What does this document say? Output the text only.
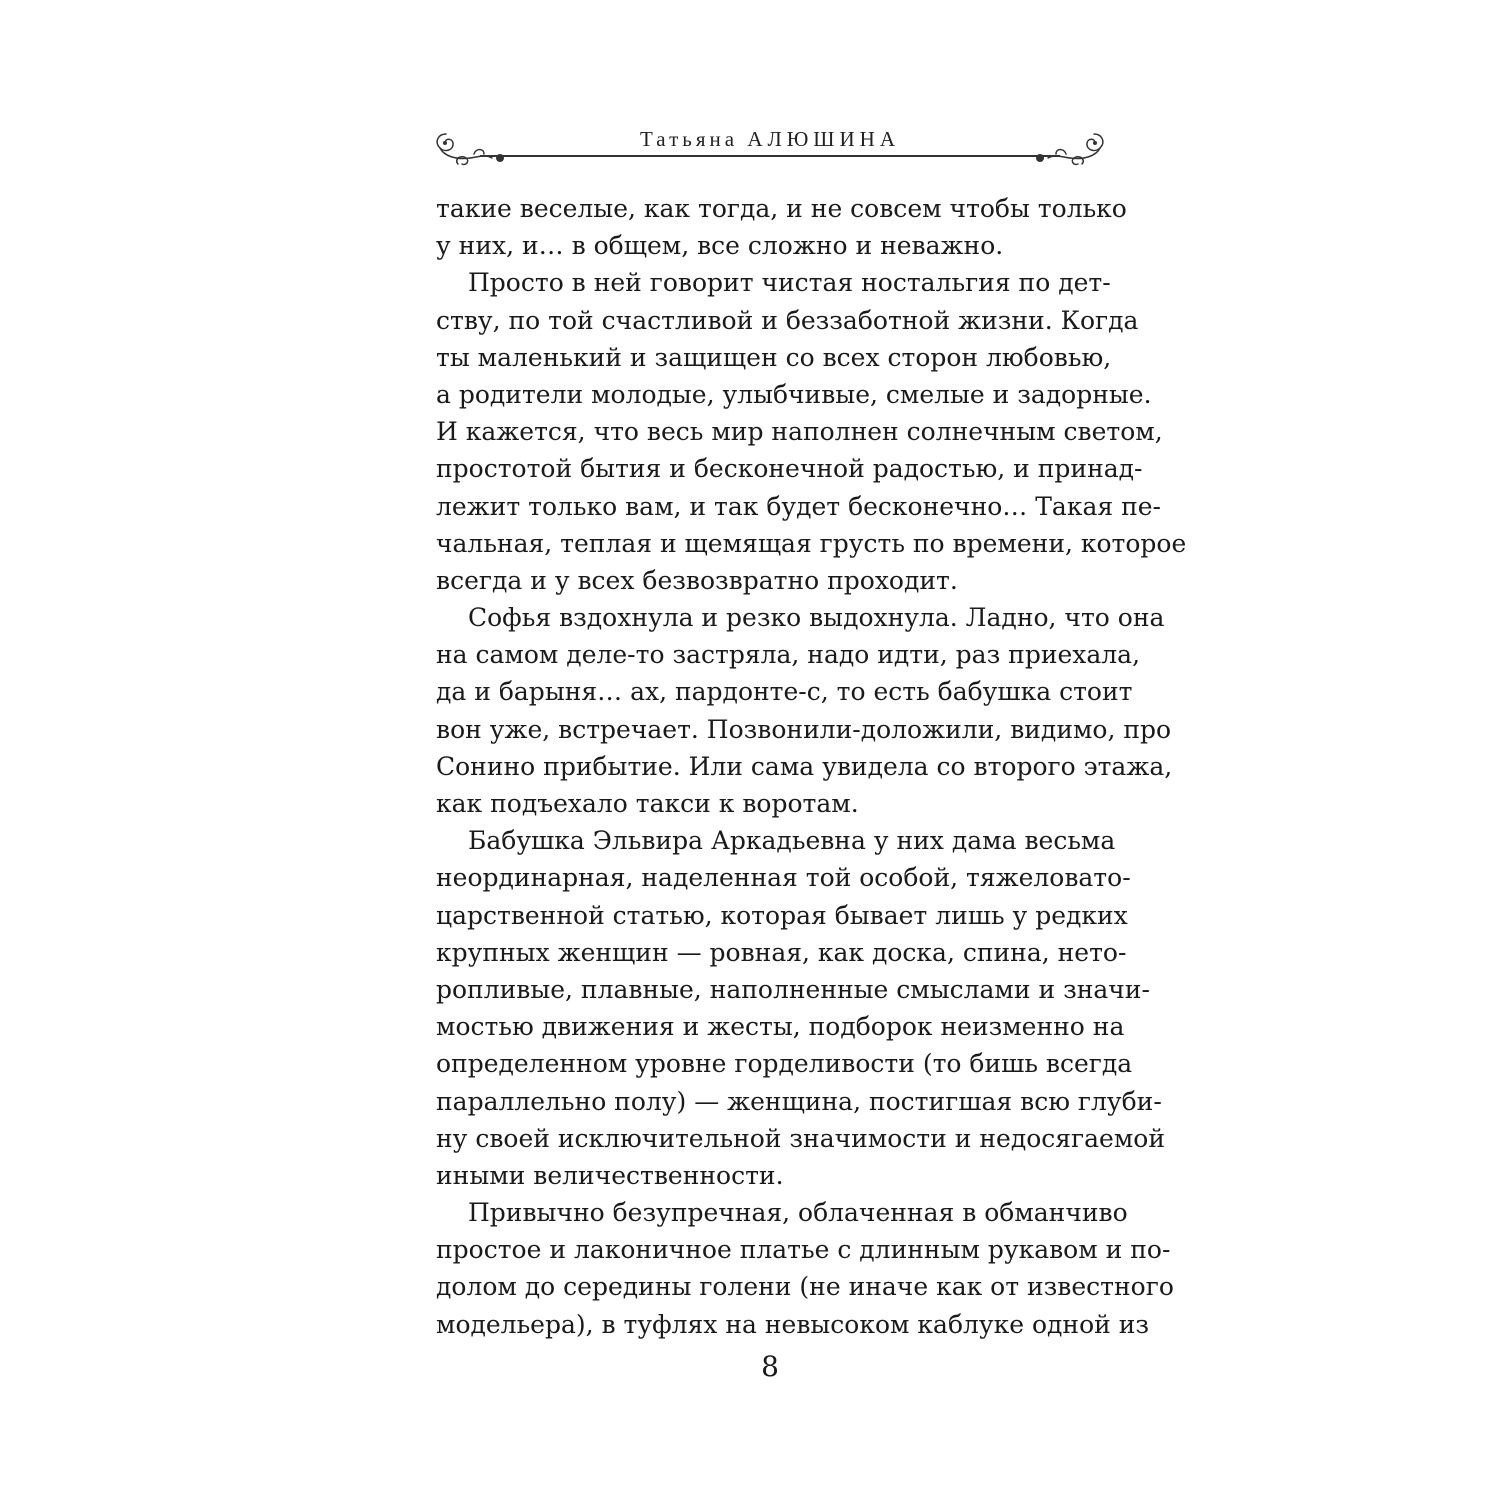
Татьяна АЛЮШИНА

такие веселые, как тогда, и не совсем чтобы только
у них, и… в общем, все сложно и неважно.

Просто в ней говорит чистая ностальгия по дет-
ству, по той счастливой и беззаботной жизни. Когда
ты маленький и защищен со всех сторон любовью,
а родители молодые, улыбчивые, смелые и задорные.
И кажется, что весь мир наполнен солнечным светом,
простотой бытия и бесконечной радостью, и принад-
лежит только вам, и так будет бесконечно… Такая пе-
чальная, теплая и щемящая грусть по времени, которое
всегда и у всех безвозвратно проходит.

Софья вздохнула и резко выдохнула. Ладно, что она
на самом деле-то застряла, надо идти, раз приехала,
да и барыня… ах, пардонте-с, то есть бабушка стоит
вон уже, встречает. Позвонили-доложили, видимо, про
Сонино прибытие. Или сама увидела со второго этажа,
как подъехало такси к воротам.

Бабушка Эльвира Аркадьевна у них дама весьма
неординарная, наделенная той особой, тяжеловато-
царственной статью, которая бывает лишь у редких
крупных женщин — ровная, как доска, спина, нето-
ропливые, плавные, наполненные смыслами и значи-
мостью движения и жесты, подборок неизменно на
определенном уровне горделивости (то бишь всегда
параллельно полу) — женщина, постигшая всю глуби-
ну своей исключительной значимости и недосягаемой
иными величественности.

Привычно безупречная, облаченная в обманчиво
простое и лаконичное платье с длинным рукавом и по-
долом до середины голени (не иначе как от известного
модельера), в туфлях на невысоком каблуке одной из

8
